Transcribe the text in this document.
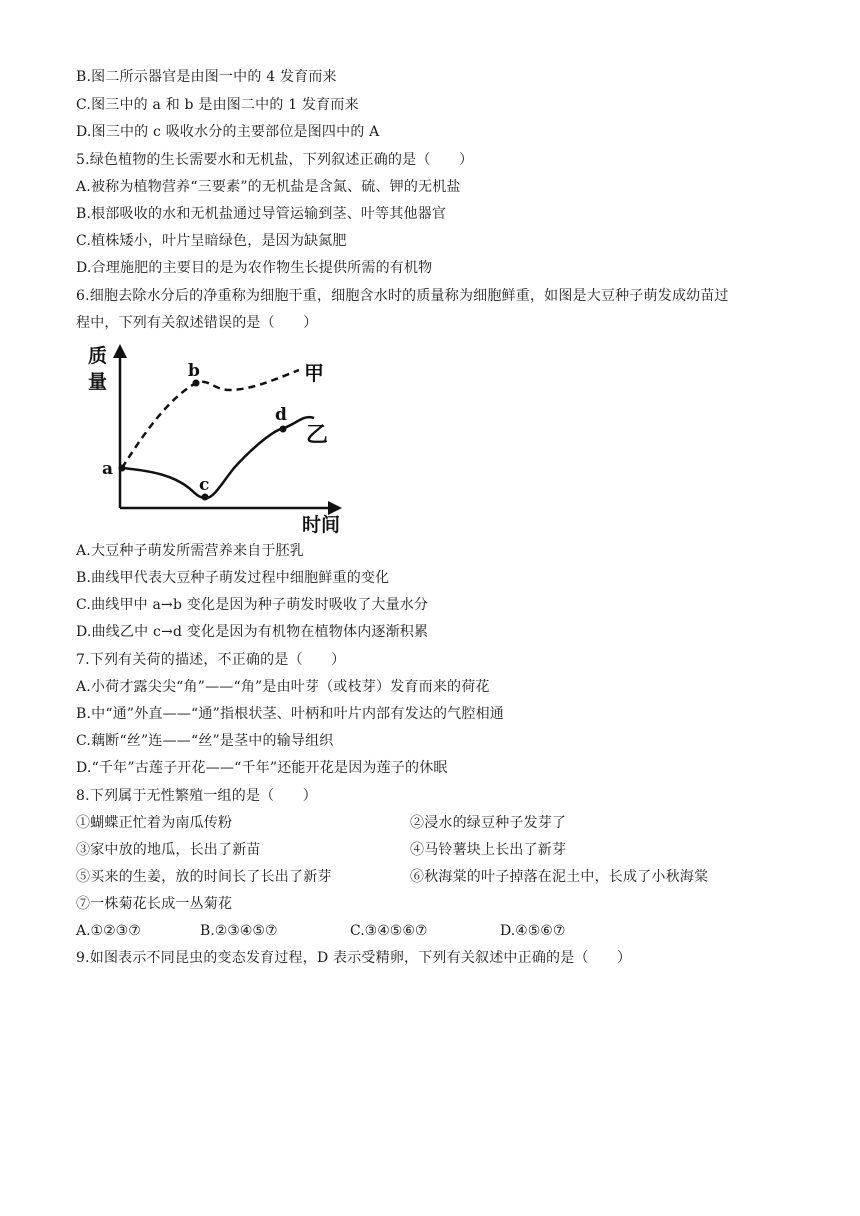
B.图二所示器官是由图一中的 4 发育而来
C.图三中的 a 和 b 是由图二中的 1 发育而来
D.图三中的 c 吸收水分的主要部位是图四中的 A
5.绿色植物的生长需要水和无机盐，下列叙述正确的是（　　）
A.被称为植物营养“三要素”的无机盐是含氮、硫、钾的无机盐
B.根部吸收的水和无机盐通过导管运输到茎、叶等其他器官
C.植株矮小，叶片呈暗绿色，是因为缺氮肥
D.合理施肥的主要目的是为农作物生长提供所需的有机物
6.细胞去除水分后的净重称为细胞干重，细胞含水时的质量称为细胞鲜重，如图是大豆种子萌发成幼苗过
程中，下列有关叙述错误的是（　　）
质
量
时间
a
b
c
d
甲
乙
A.大豆种子萌发所需营养来自于胚乳
B.曲线甲代表大豆种子萌发过程中细胞鲜重的变化
C.曲线甲中 a→b 变化是因为种子萌发时吸收了大量水分
D.曲线乙中 c→d 变化是因为有机物在植物体内逐渐积累
7.下列有关荷的描述，不正确的是（　　）
A.小荷才露尖尖“角”——“角”是由叶芽（或枝芽）发育而来的荷花
B.中“通”外直——“通”指根状茎、叶柄和叶片内部有发达的气腔相通
C.藕断“丝”连——“丝”是茎中的输导组织
D.“千年”古莲子开花——“千年”还能开花是因为莲子的休眠
8.下列属于无性繁殖一组的是（　　）
①蝴蝶正忙着为南瓜传粉	②浸水的绿豆种子发芽了
③家中放的地瓜，长出了新苗	④马铃薯块上长出了新芽
⑤买来的生姜，放的时间长了长出了新芽	⑥秋海棠的叶子掉落在泥土中，长成了小秋海棠
⑦一株菊花长成一丛菊花
A.①②③⑦	B.②③④⑤⑦	C.③④⑤⑥⑦	D.④⑤⑥⑦
9.如图表示不同昆虫的变态发育过程，D 表示受精卵，下列有关叙述中正确的是（　　）
